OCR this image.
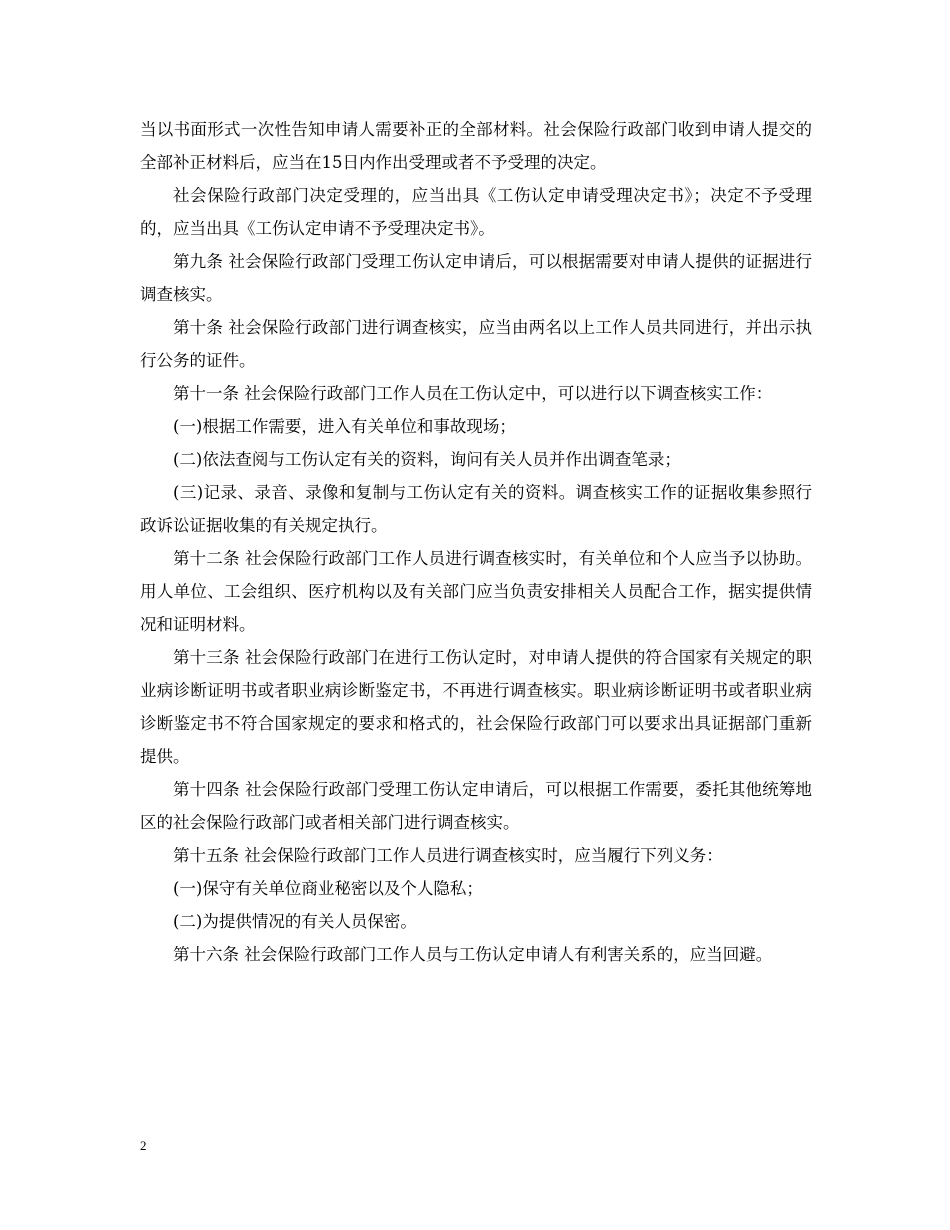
当以书面形式一次性告知申请人需要补正的全部材料。社会保险行政部门收到申请人提交的全部补正材料后，应当在15日内作出受理或者不予受理的决定。

社会保险行政部门决定受理的，应当出具《工伤认定申请受理决定书》；决定不予受理的，应当出具《工伤认定申请不予受理决定书》。

第九条 社会保险行政部门受理工伤认定申请后，可以根据需要对申请人提供的证据进行调查核实。

第十条 社会保险行政部门进行调查核实，应当由两名以上工作人员共同进行，并出示执行公务的证件。

第十一条 社会保险行政部门工作人员在工伤认定中，可以进行以下调查核实工作：

(一)根据工作需要，进入有关单位和事故现场；

(二)依法查阅与工伤认定有关的资料，询问有关人员并作出调查笔录；

(三)记录、录音、录像和复制与工伤认定有关的资料。调查核实工作的证据收集参照行政诉讼证据收集的有关规定执行。

第十二条 社会保险行政部门工作人员进行调查核实时，有关单位和个人应当予以协助。用人单位、工会组织、医疗机构以及有关部门应当负责安排相关人员配合工作，据实提供情况和证明材料。

第十三条 社会保险行政部门在进行工伤认定时，对申请人提供的符合国家有关规定的职业病诊断证明书或者职业病诊断鉴定书，不再进行调查核实。职业病诊断证明书或者职业病诊断鉴定书不符合国家规定的要求和格式的，社会保险行政部门可以要求出具证据部门重新提供。

第十四条 社会保险行政部门受理工伤认定申请后，可以根据工作需要，委托其他统筹地区的社会保险行政部门或者相关部门进行调查核实。

第十五条 社会保险行政部门工作人员进行调查核实时，应当履行下列义务：

(一)保守有关单位商业秘密以及个人隐私；

(二)为提供情况的有关人员保密。

第十六条 社会保险行政部门工作人员与工伤认定申请人有利害关系的，应当回避。

2
